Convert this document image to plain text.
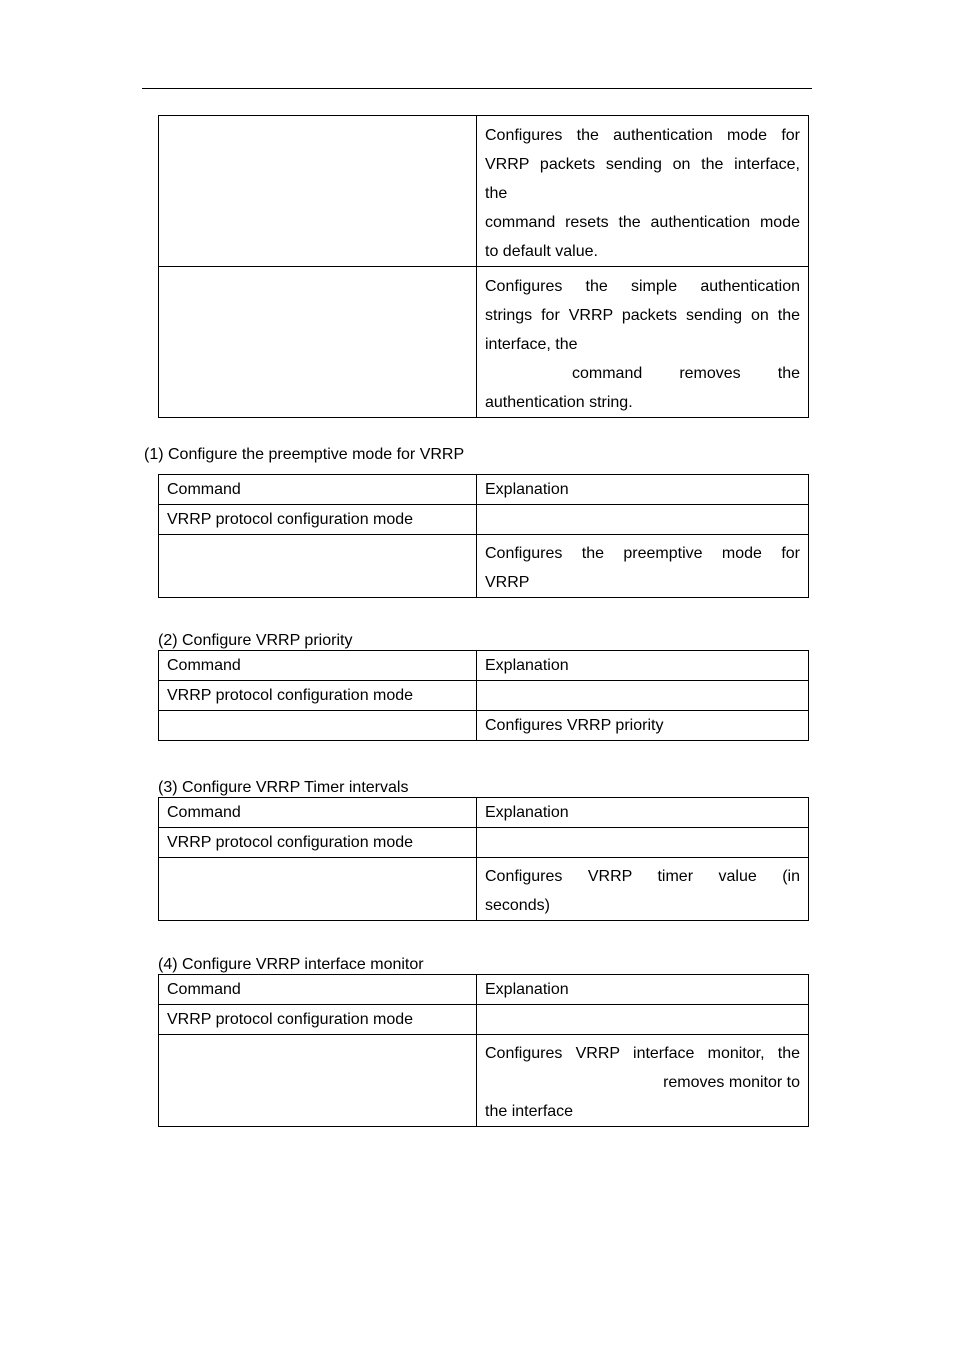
	Configures the authentication mode for
VRRP packets sending on the interface,
the
command resets the authentication mode
to default value.

	Configures the simple authentication
strings for VRRP packets sending on the
interface, the
command removes the
authentication string.
(1) Configure the preemptive mode for VRRP
Command	Explanation
VRRP protocol configuration mode	

	Configures the preemptive mode for
VRRP
(2) Configure VRRP priority
Command	Explanation
VRRP protocol configuration mode	
	Configures VRRP priority
(3) Configure VRRP Timer intervals
Command	Explanation
VRRP protocol configuration mode	

	Configures VRRP timer value (in
seconds)
(4) Configure VRRP interface monitor
Command	Explanation
VRRP protocol configuration mode	

	Configures VRRP interface monitor, the
removes monitor to
the interface
